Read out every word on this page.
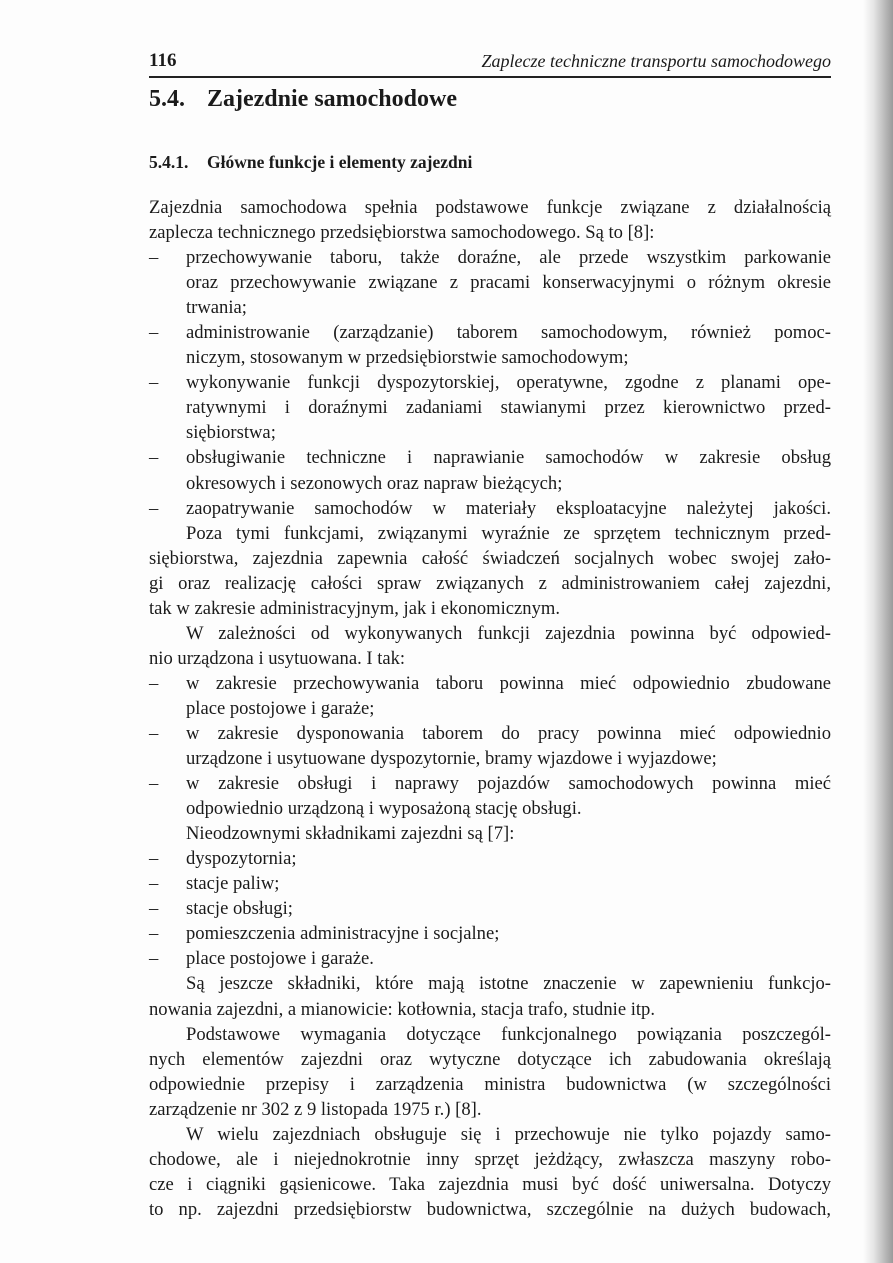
116	Zaplecze techniczne transportu samochodowego
5.4. Zajezdnie samochodowe
5.4.1. Główne funkcje i elementy zajezdni
Zajezdnia samochodowa spełnia podstawowe funkcje związane z działalnością
zaplecza technicznego przedsiębiorstwa samochodowego. Są to [8]:
– przechowywanie taboru, także doraźne, ale przede wszystkim parkowanie
oraz przechowywanie związane z pracami konserwacyjnymi o różnym okresie
trwania;
– administrowanie (zarządzanie) taborem samochodowym, również pomoc-
niczym, stosowanym w przedsiębiorstwie samochodowym;
– wykonywanie funkcji dyspozytorskiej, operatywne, zgodne z planami ope-
ratywnymi i doraźnymi zadaniami stawianymi przez kierownictwo przed-
siębiorstwa;
– obsługiwanie techniczne i naprawianie samochodów w zakresie obsług
okresowych i sezonowych oraz napraw bieżących;
– zaopatrywanie samochodów w materiały eksploatacyjne należytej jakości.
Poza tymi funkcjami, związanymi wyraźnie ze sprzętem technicznym przed-
siębiorstwa, zajezdnia zapewnia całość świadczeń socjalnych wobec swojej zało-
gi oraz realizację całości spraw związanych z administrowaniem całej zajezdni,
tak w zakresie administracyjnym, jak i ekonomicznym.
W zależności od wykonywanych funkcji zajezdnia powinna być odpowied-
nio urządzona i usytuowana. I tak:
– w zakresie przechowywania taboru powinna mieć odpowiednio zbudowane
place postojowe i garaże;
– w zakresie dysponowania taborem do pracy powinna mieć odpowiednio
urządzone i usytuowane dyspozytornie, bramy wjazdowe i wyjazdowe;
– w zakresie obsługi i naprawy pojazdów samochodowych powinna mieć
odpowiednio urządzoną i wyposażoną stację obsługi.
Nieodzownymi składnikami zajezdni są [7]:
– dyspozytornia;
– stacje paliw;
– stacje obsługi;
– pomieszczenia administracyjne i socjalne;
– place postojowe i garaże.
Są jeszcze składniki, które mają istotne znaczenie w zapewnieniu funkcjo-
nowania zajezdni, a mianowicie: kotłownia, stacja trafo, studnie itp.
Podstawowe wymagania dotyczące funkcjonalnego powiązania poszczegól-
nych elementów zajezdni oraz wytyczne dotyczące ich zabudowania określają
odpowiednie przepisy i zarządzenia ministra budownictwa (w szczególności
zarządzenie nr 302 z 9 listopada 1975 r.) [8].
W wielu zajezdniach obsługuje się i przechowuje nie tylko pojazdy samo-
chodowe, ale i niejednokrotnie inny sprzęt jeżdżący, zwłaszcza maszyny robo-
cze i ciągniki gąsienicowe. Taka zajezdnia musi być dość uniwersalna. Dotyczy
to np. zajezdni przedsiębiorstw budownictwa, szczególnie na dużych budowach,
